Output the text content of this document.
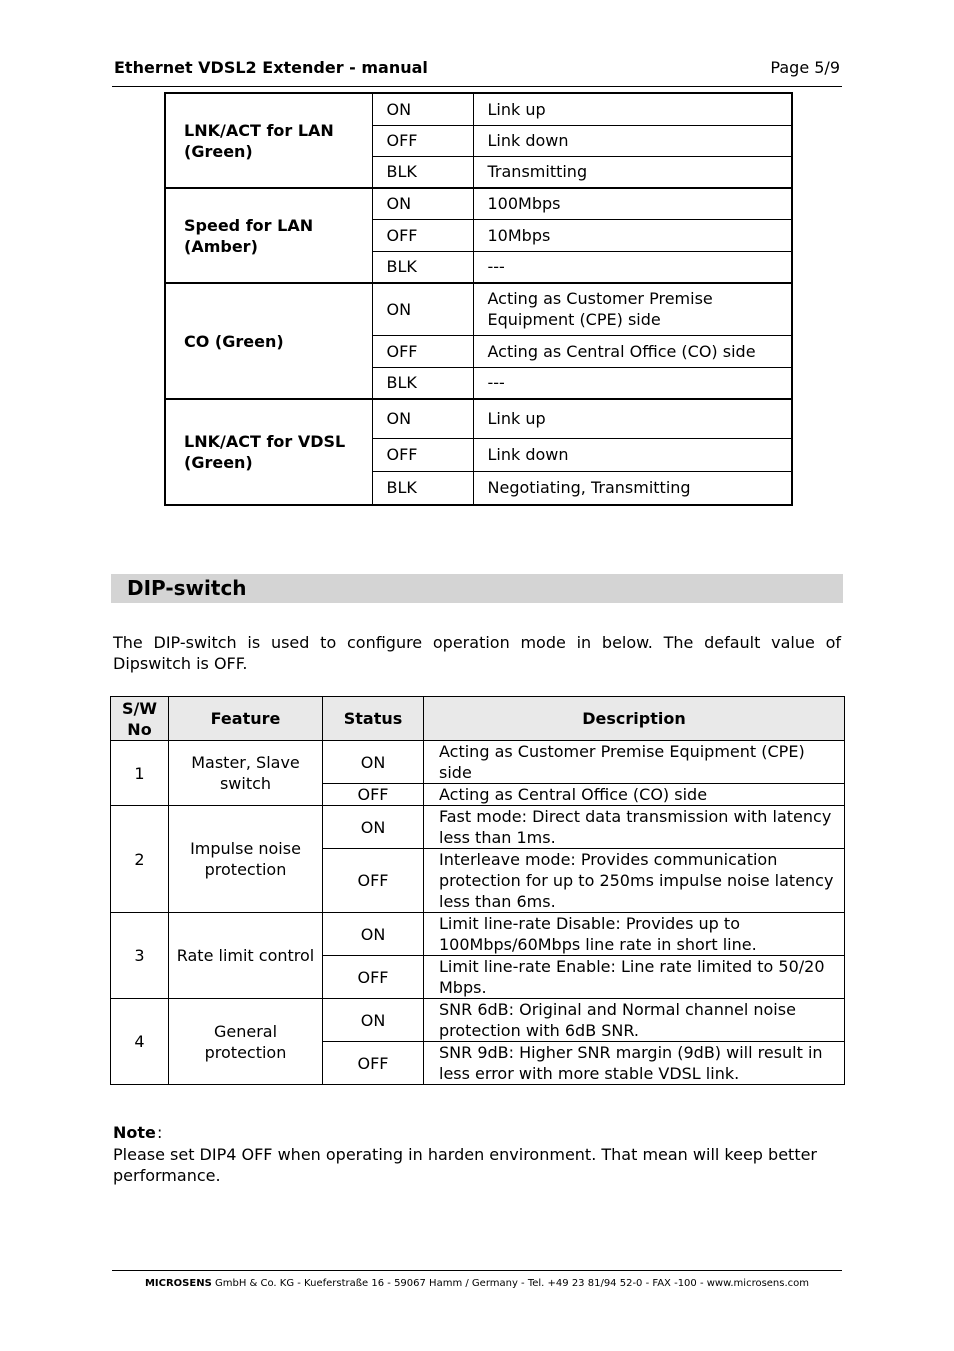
Ethernet VDSL2 Extender - manual	Page 5/9
LNK/ACT for LAN (Green)	ON	Link up
	OFF	Link down
	BLK	Transmitting
Speed for LAN (Amber)	ON	100Mbps
	OFF	10Mbps
	BLK	---
CO (Green)	ON	Acting as Customer Premise Equipment (CPE) side
	OFF	Acting as Central Office (CO) side
	BLK	---
LNK/ACT for VDSL (Green)	ON	Link up
	OFF	Link down
	BLK	Negotiating, Transmitting
DIP-switch
The DIP-switch is used to configure operation mode in below. The default value of Dipswitch is OFF.
S/W No	Feature	Status	Description
1	Master, Slave switch	ON	Acting as Customer Premise Equipment (CPE) side
		OFF	Acting as Central Office (CO) side
2	Impulse noise protection	ON	Fast mode: Direct data transmission with latency less than 1ms.
		OFF	Interleave mode: Provides communication protection for up to 250ms impulse noise latency less than 6ms.
3	Rate limit control	ON	Limit line-rate Disable: Provides up to 100Mbps/60Mbps line rate in short line.
		OFF	Limit line-rate Enable: Line rate limited to 50/20 Mbps.
4	General protection	ON	SNR 6dB: Original and Normal channel noise protection with 6dB SNR.
		OFF	SNR 9dB: Higher SNR margin (9dB) will result in less error with more stable VDSL link.
Note :
Please set DIP4 OFF when operating in harden environment. That mean will keep better performance.
MICROSENS GmbH & Co. KG - Kueferstraße 16 - 59067 Hamm / Germany - Tel. +49 23 81/94 52-0 - FAX -100 - www.microsens.com
